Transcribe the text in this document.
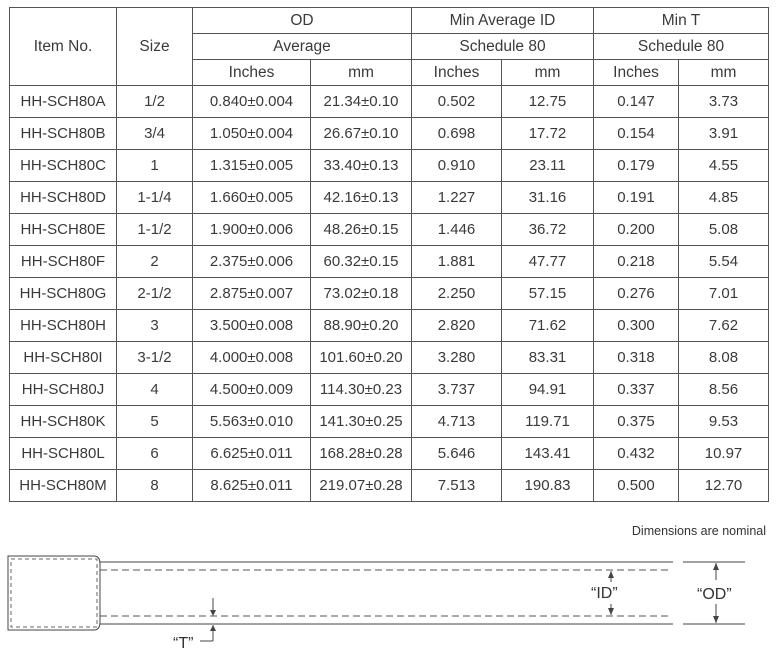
Item No.	Size	OD		Min Average ID		Min T	
		Average		Schedule 80		Schedule 80	
		Inches	mm	Inches	mm	Inches	mm
HH-SCH80A	1/2	0.840±0.004	21.34±0.10	0.502	12.75	0.147	3.73
HH-SCH80B	3/4	1.050±0.004	26.67±0.10	0.698	17.72	0.154	3.91
HH-SCH80C	1	1.315±0.005	33.40±0.13	0.910	23.11	0.179	4.55
HH-SCH80D	1-1/4	1.660±0.005	42.16±0.13	1.227	31.16	0.191	4.85
HH-SCH80E	1-1/2	1.900±0.006	48.26±0.15	1.446	36.72	0.200	5.08
HH-SCH80F	2	2.375±0.006	60.32±0.15	1.881	47.77	0.218	5.54
HH-SCH80G	2-1/2	2.875±0.007	73.02±0.18	2.250	57.15	0.276	7.01
HH-SCH80H	3	3.500±0.008	88.90±0.20	2.820	71.62	0.300	7.62
HH-SCH80I	3-1/2	4.000±0.008	101.60±0.20	3.280	83.31	0.318	8.08
HH-SCH80J	4	4.500±0.009	114.30±0.23	3.737	94.91	0.337	8.56
HH-SCH80K	5	5.563±0.010	141.30±0.25	4.713	119.71	0.375	9.53
HH-SCH80L	6	6.625±0.011	168.28±0.28	5.646	143.41	0.432	10.97
HH-SCH80M	8	8.625±0.011	219.07±0.28	7.513	190.83	0.500	12.70
Dimensions are nominal
“ID”	“OD”
“T”
